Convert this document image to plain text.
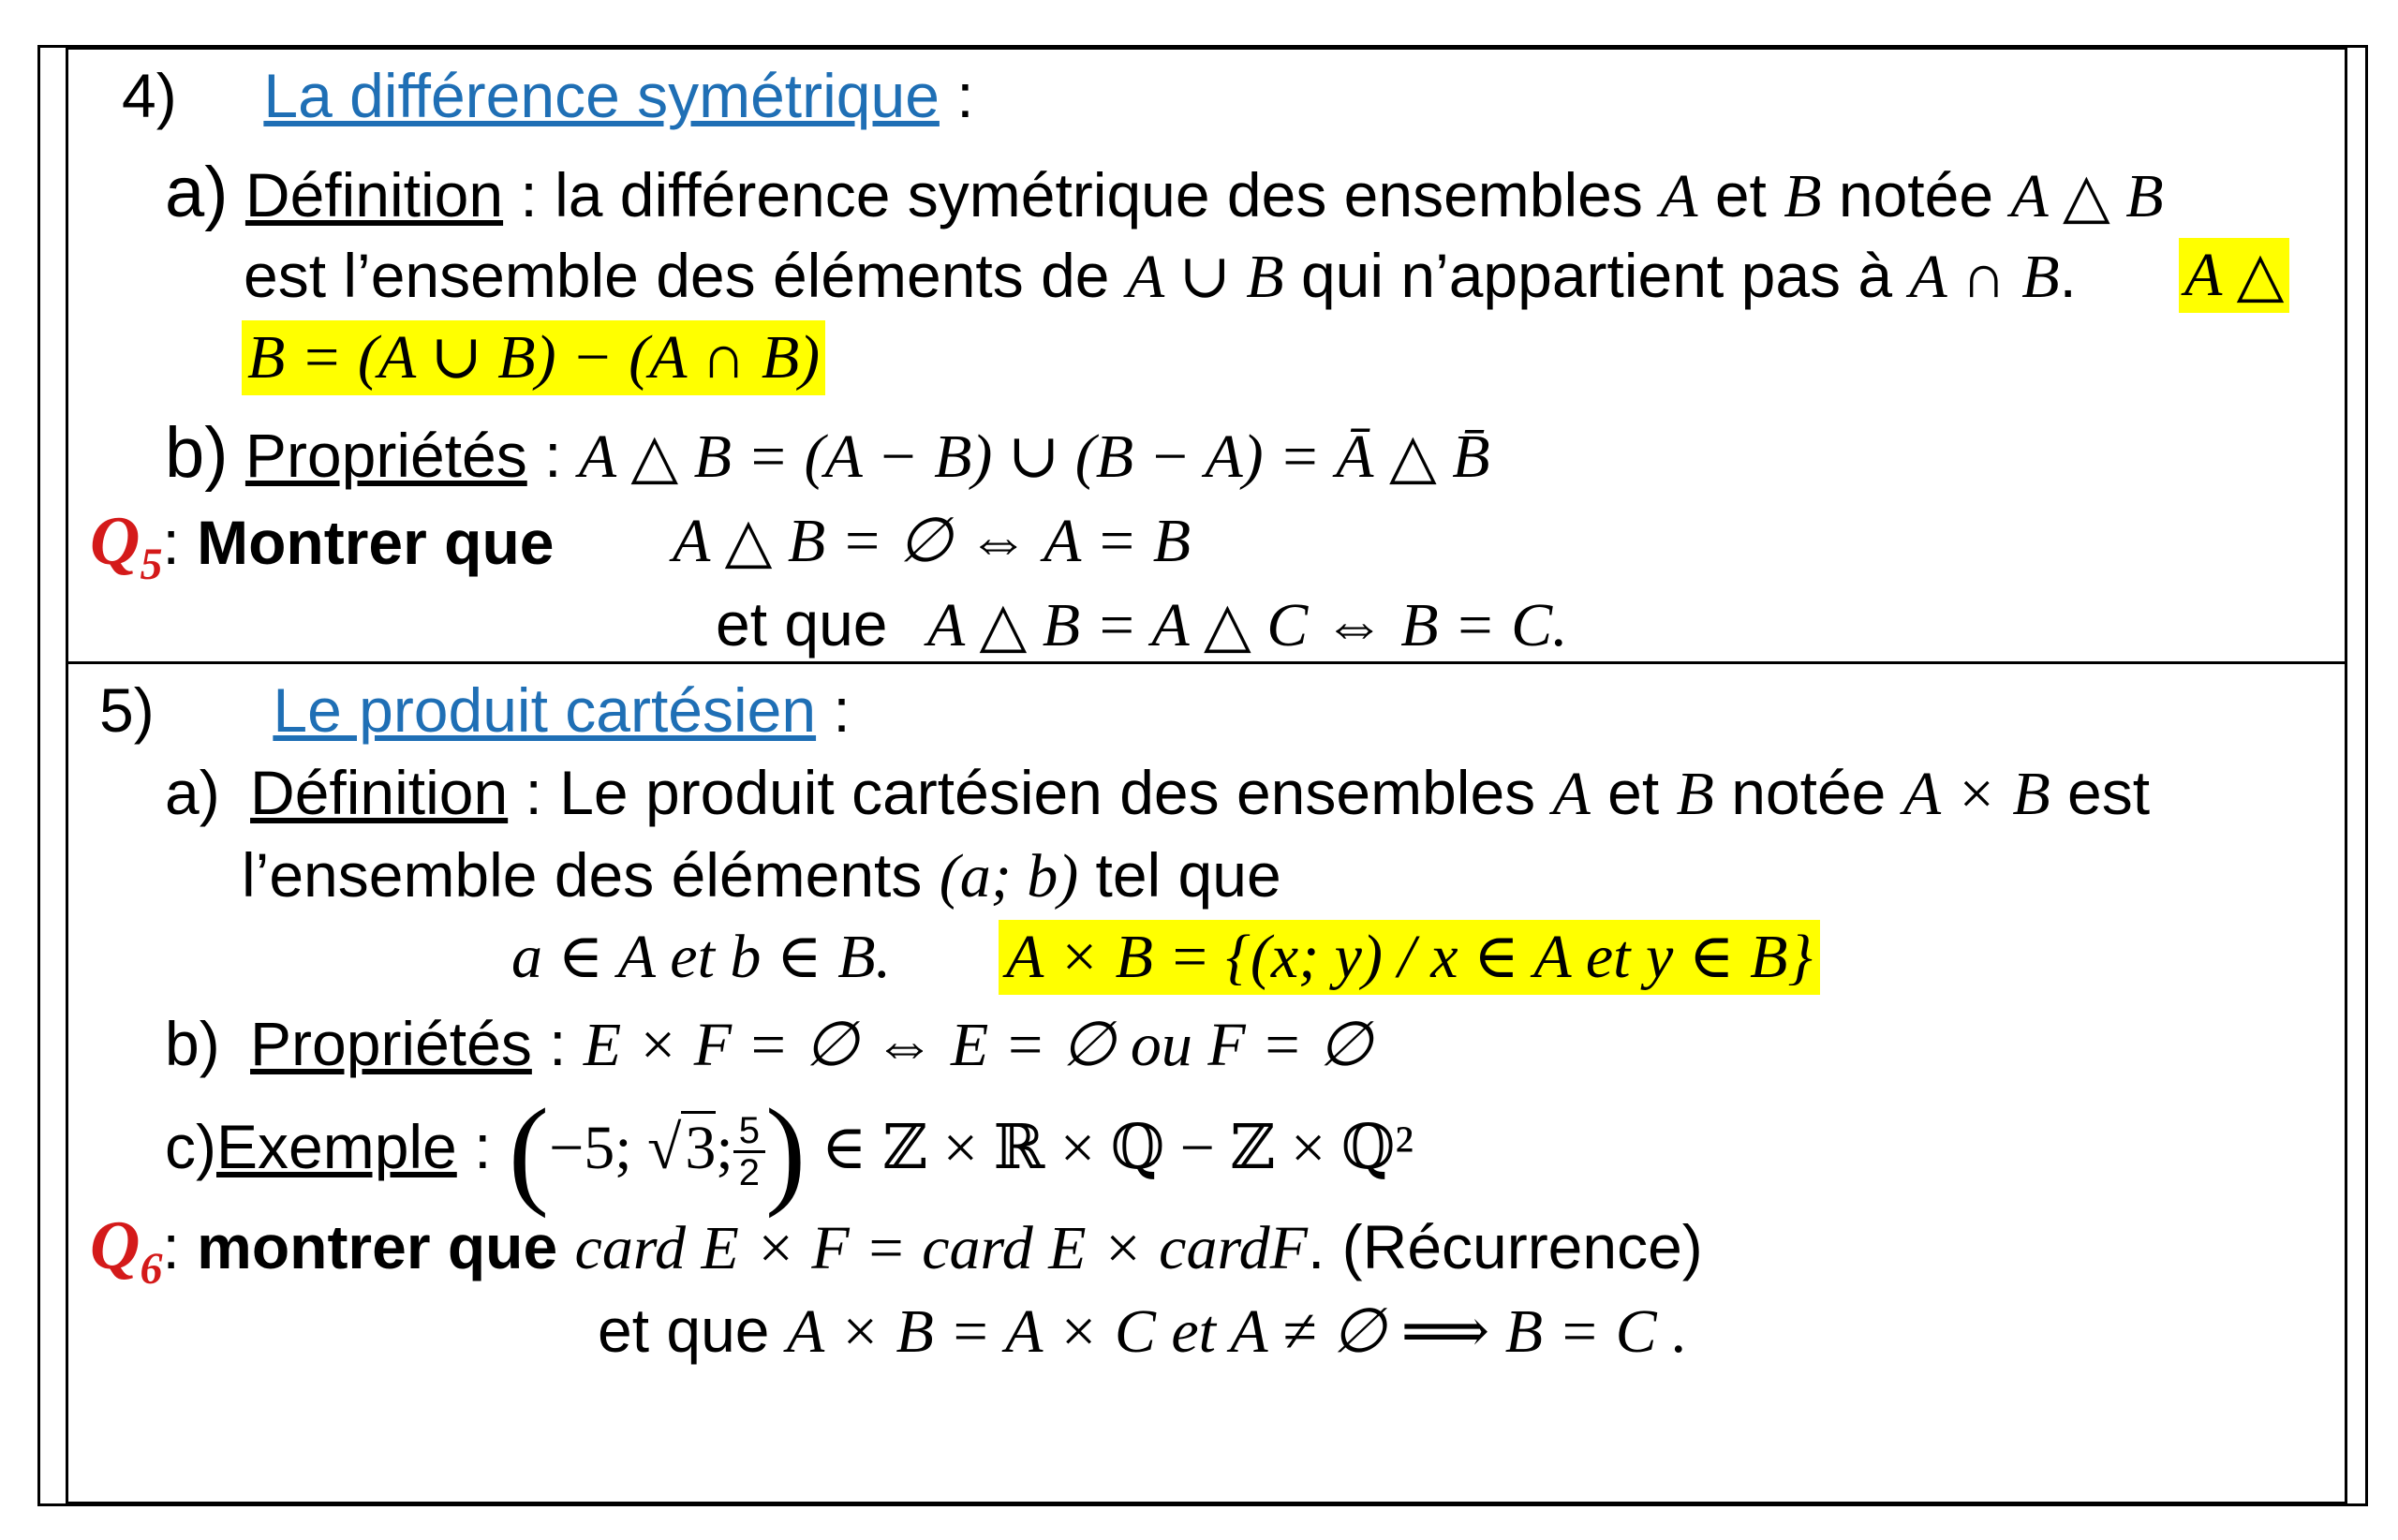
4) La différence symétrique :
a) Définition : la différence symétrique des ensembles A et B notée A △ B
est l’ensemble des éléments de A ∪ B qui n’appartient pas à A ∩ B. A △
B = (A ∪ B) − (A ∩ B)
b) Propriétés : A △ B = (A − B) ∪ (B − A) = Ā △ B̄
$Q_5$: Montrer que A △ B = ∅ ⇔ A = B
et que A △ B = A △ C ⇔ B = C.
5) Le produit cartésien :
a) Définition : Le produit cartésien des ensembles A et B notée A × B est
l’ensemble des éléments (a; b) tel que
a ∈ A et b ∈ B. A × B = {(x; y) / x ∈ A et y ∈ B}
b) Propriétés : E × F = ∅ ⇔ E = ∅ ou F = ∅
c)Exemple : (−5; √3; $\frac{5}{2}$ ) ∈ ℤ × ℝ × ℚ − ℤ × ℚ²
$Q_6$: montrer que card E × F = card E × cardF. (Récurrence)
et que A × B = A × C et A ≠ ∅ ⟹ B = C .
